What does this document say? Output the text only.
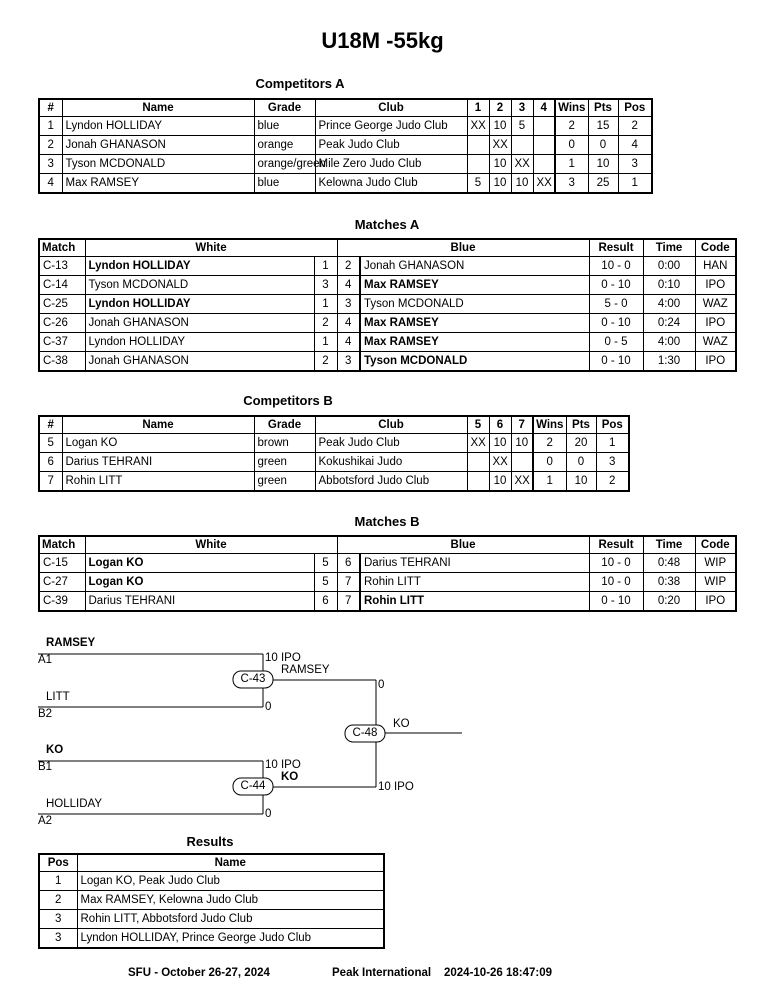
U18M -55kg
Competitors A
#	Name	Grade	Club	1	2	3	4	Wins	Pts	Pos
1	Lyndon HOLLIDAY	blue	Prince George Judo Club	XX	10	5		2	15	2
2	Jonah GHANASON	orange	Peak Judo Club		XX			0	0	4
3	Tyson MCDONALD	orange/green	Mile Zero Judo Club		10	XX		1	10	3
4	Max RAMSEY	blue	Kelowna Judo Club	5	10	10	XX	3	25	1
Matches A
Match	White		Blue		Result	Time	Code
C-13	Lyndon HOLLIDAY	1	2	Jonah GHANASON	10 - 0	0:00	HAN
C-14	Tyson MCDONALD	3	4	Max RAMSEY	0 - 10	0:10	IPO
C-25	Lyndon HOLLIDAY	1	3	Tyson MCDONALD	5 - 0	4:00	WAZ
C-26	Jonah GHANASON	2	4	Max RAMSEY	0 - 10	0:24	IPO
C-37	Lyndon HOLLIDAY	1	4	Max RAMSEY	0 - 5	4:00	WAZ
C-38	Jonah GHANASON	2	3	Tyson MCDONALD	0 - 10	1:30	IPO
Competitors B
#	Name	Grade	Club	5	6	7	Wins	Pts	Pos
5	Logan KO	brown	Peak Judo Club	XX	10	10	2	20	1
6	Darius TEHRANI	green	Kokushikai Judo		XX		0	0	3
7	Rohin LITT	green	Abbotsford Judo Club		10	XX	1	10	2
Matches B
Match	White		Blue		Result	Time	Code
C-15	Logan KO	5	6	Darius TEHRANI	10 - 0	0:48	WIP
C-27	Logan KO	5	7	Rohin LITT	10 - 0	0:38	WIP
C-39	Darius TEHRANI	6	7	Rohin LITT	0 - 10	0:20	IPO
RAMSEY
A1
LITT
B2
KO
B1
HOLLIDAY
A2
C-43
10 IPO
0
RAMSEY
C-44
10 IPO
0
KO
C-48
0
10 IPO
KO
Results
Pos	Name
1	Logan KO, Peak Judo Club
2	Max RAMSEY, Kelowna Judo Club
3	Rohin LITT, Abbotsford Judo Club
3	Lyndon HOLLIDAY, Prince George Judo Club
SFU - October 26-27, 2024	Peak International 2024-10-26 18:47:09
